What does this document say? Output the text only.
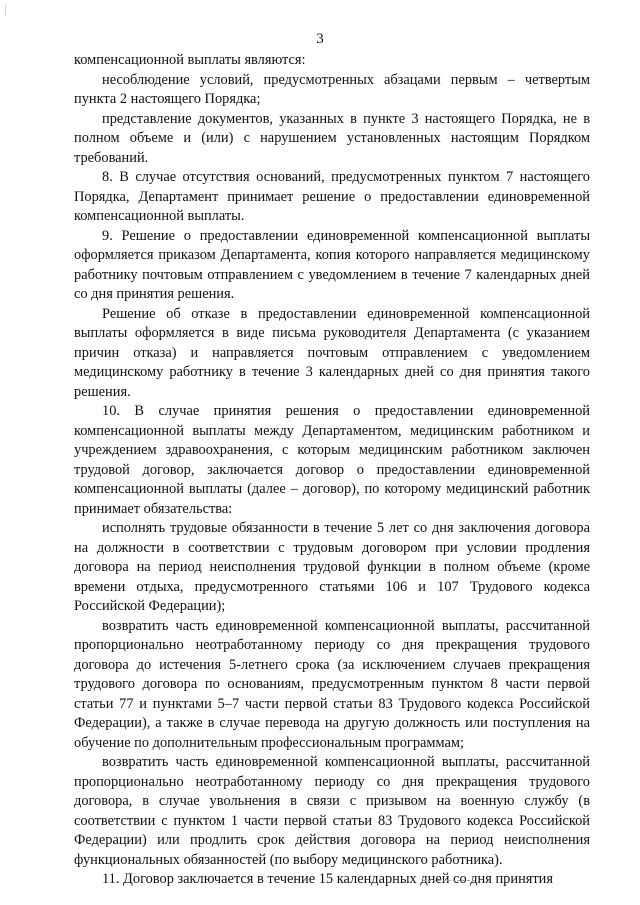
3

компенсационной выплаты являются:

несоблюдение условий, предусмотренных абзацами первым – четвертым пункта 2 настоящего Порядка;

представление документов, указанных в пункте 3 настоящего Порядка, не в полном объеме и (или) с нарушением установленных настоящим Порядком требований.

8. В случае отсутствия оснований, предусмотренных пунктом 7 настоящего Порядка, Департамент принимает решение о предоставлении единовременной компенсационной выплаты.

9. Решение о предоставлении единовременной компенсационной выплаты оформляется приказом Департамента, копия которого направляется медицинскому работнику почтовым отправлением с уведомлением в течение 7 календарных дней со дня принятия решения.

Решение об отказе в предоставлении единовременной компенсационной выплаты оформляется в виде письма руководителя Департамента (с указанием причин отказа) и направляется почтовым отправлением с уведомлением медицинскому работнику в течение 3 календарных дней со дня принятия такого решения.

10. В случае принятия решения о предоставлении единовременной компенсационной выплаты между Департаментом, медицинским работником и учреждением здравоохранения, с которым медицинским работником заключен трудовой договор, заключается договор о предоставлении единовременной компенсационной выплаты (далее – договор), по которому медицинский работник принимает обязательства:

исполнять трудовые обязанности в течение 5 лет со дня заключения договора на должности в соответствии с трудовым договором при условии продления договора на период неисполнения трудовой функции в полном объеме (кроме времени отдыха, предусмотренного статьями 106 и 107 Трудового кодекса Российской Федерации);

возвратить часть единовременной компенсационной выплаты, рассчитанной пропорционально неотработанному периоду со дня прекращения трудового договора до истечения 5-летнего срока (за исключением случаев прекращения трудового договора по основаниям, предусмотренным пунктом 8 части первой статьи 77 и пунктами 5–7 части первой статьи 83 Трудового кодекса Российской Федерации), а также в случае перевода на другую должность или поступления на обучение по дополнительным профессиональным программам;

возвратить часть единовременной компенсационной выплаты, рассчитанной пропорционально неотработанному периоду со дня прекращения трудового договора, в случае увольнения в связи с призывом на военную службу (в соответствии с пунктом 1 части первой статьи 83 Трудового кодекса Российской Федерации) или продлить срок действия договора на период неисполнения функциональных обязанностей (по выбору медицинского работника).

11. Договор заключается в течение 15 календарных дней со дня принятия
